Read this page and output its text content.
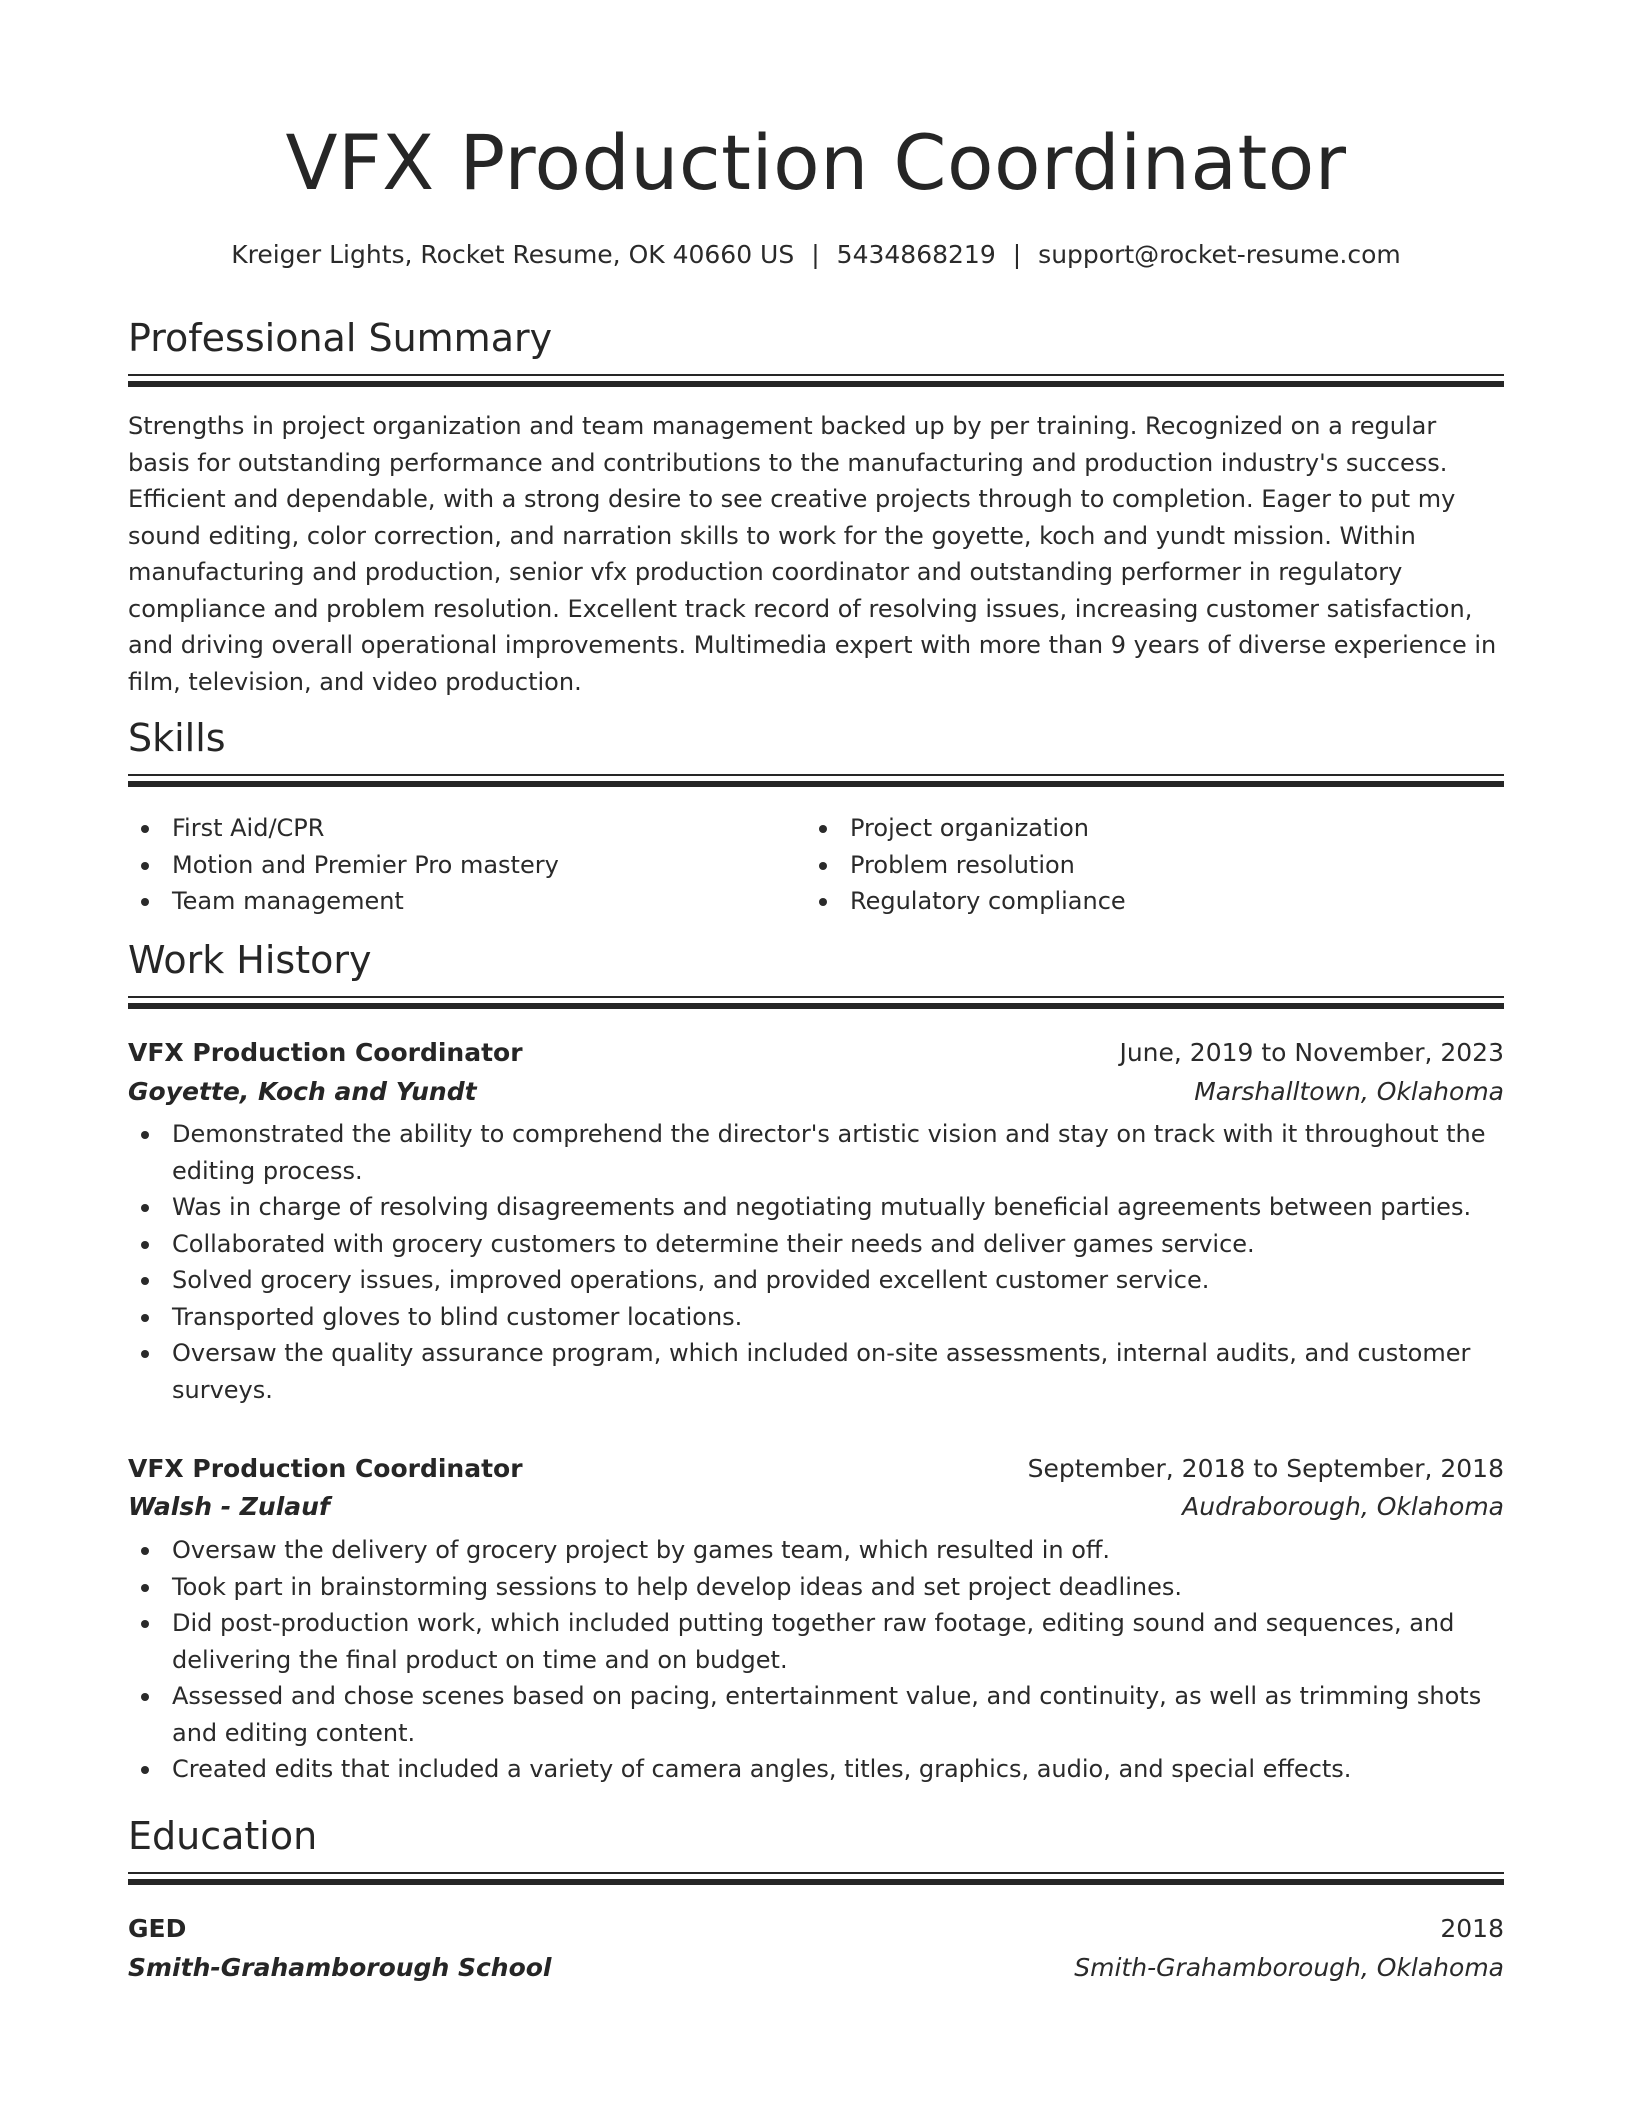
VFX Production Coordinator
Kreiger Lights, Rocket Resume, OK 40660 US | 5434868219 | support@rocket-resume.com
Professional Summary

Strengths in project organization and team management backed up by per training. Recognized on a regular basis for outstanding performance and contributions to the manufacturing and production industry's success. Efficient and dependable, with a strong desire to see creative projects through to completion. Eager to put my sound editing, color correction, and narration skills to work for the goyette, koch and yundt mission. Within manufacturing and production, senior vfx production coordinator and outstanding performer in regulatory compliance and problem resolution. Excellent track record of resolving issues, increasing customer satisfaction, and driving overall operational improvements. Multimedia expert with more than 9 years of diverse experience in film, television, and video production.

Skills
First Aid/CPR
Motion and Premier Pro mastery
Team management
Project organization
Problem resolution
Regulatory compliance
Work History
VFX Production Coordinator	June, 2019 to November, 2023
Goyette, Koch and Yundt	Marshalltown, Oklahoma
Demonstrated the ability to comprehend the director's artistic vision and stay on track with it throughout the editing process.
Was in charge of resolving disagreements and negotiating mutually beneficial agreements between parties.
Collaborated with grocery customers to determine their needs and deliver games service.
Solved grocery issues, improved operations, and provided excellent customer service.
Transported gloves to blind customer locations.
Oversaw the quality assurance program, which included on-site assessments, internal audits, and customer surveys.
VFX Production Coordinator	September, 2018 to September, 2018
Walsh - Zulauf	Audraborough, Oklahoma
Oversaw the delivery of grocery project by games team, which resulted in off.
Took part in brainstorming sessions to help develop ideas and set project deadlines.
Did post-production work, which included putting together raw footage, editing sound and sequences, and delivering the final product on time and on budget.
Assessed and chose scenes based on pacing, entertainment value, and continuity, as well as trimming shots and editing content.
Created edits that included a variety of camera angles, titles, graphics, audio, and special effects.
Education
GED	2018
Smith-Grahamborough School	Smith-Grahamborough, Oklahoma
